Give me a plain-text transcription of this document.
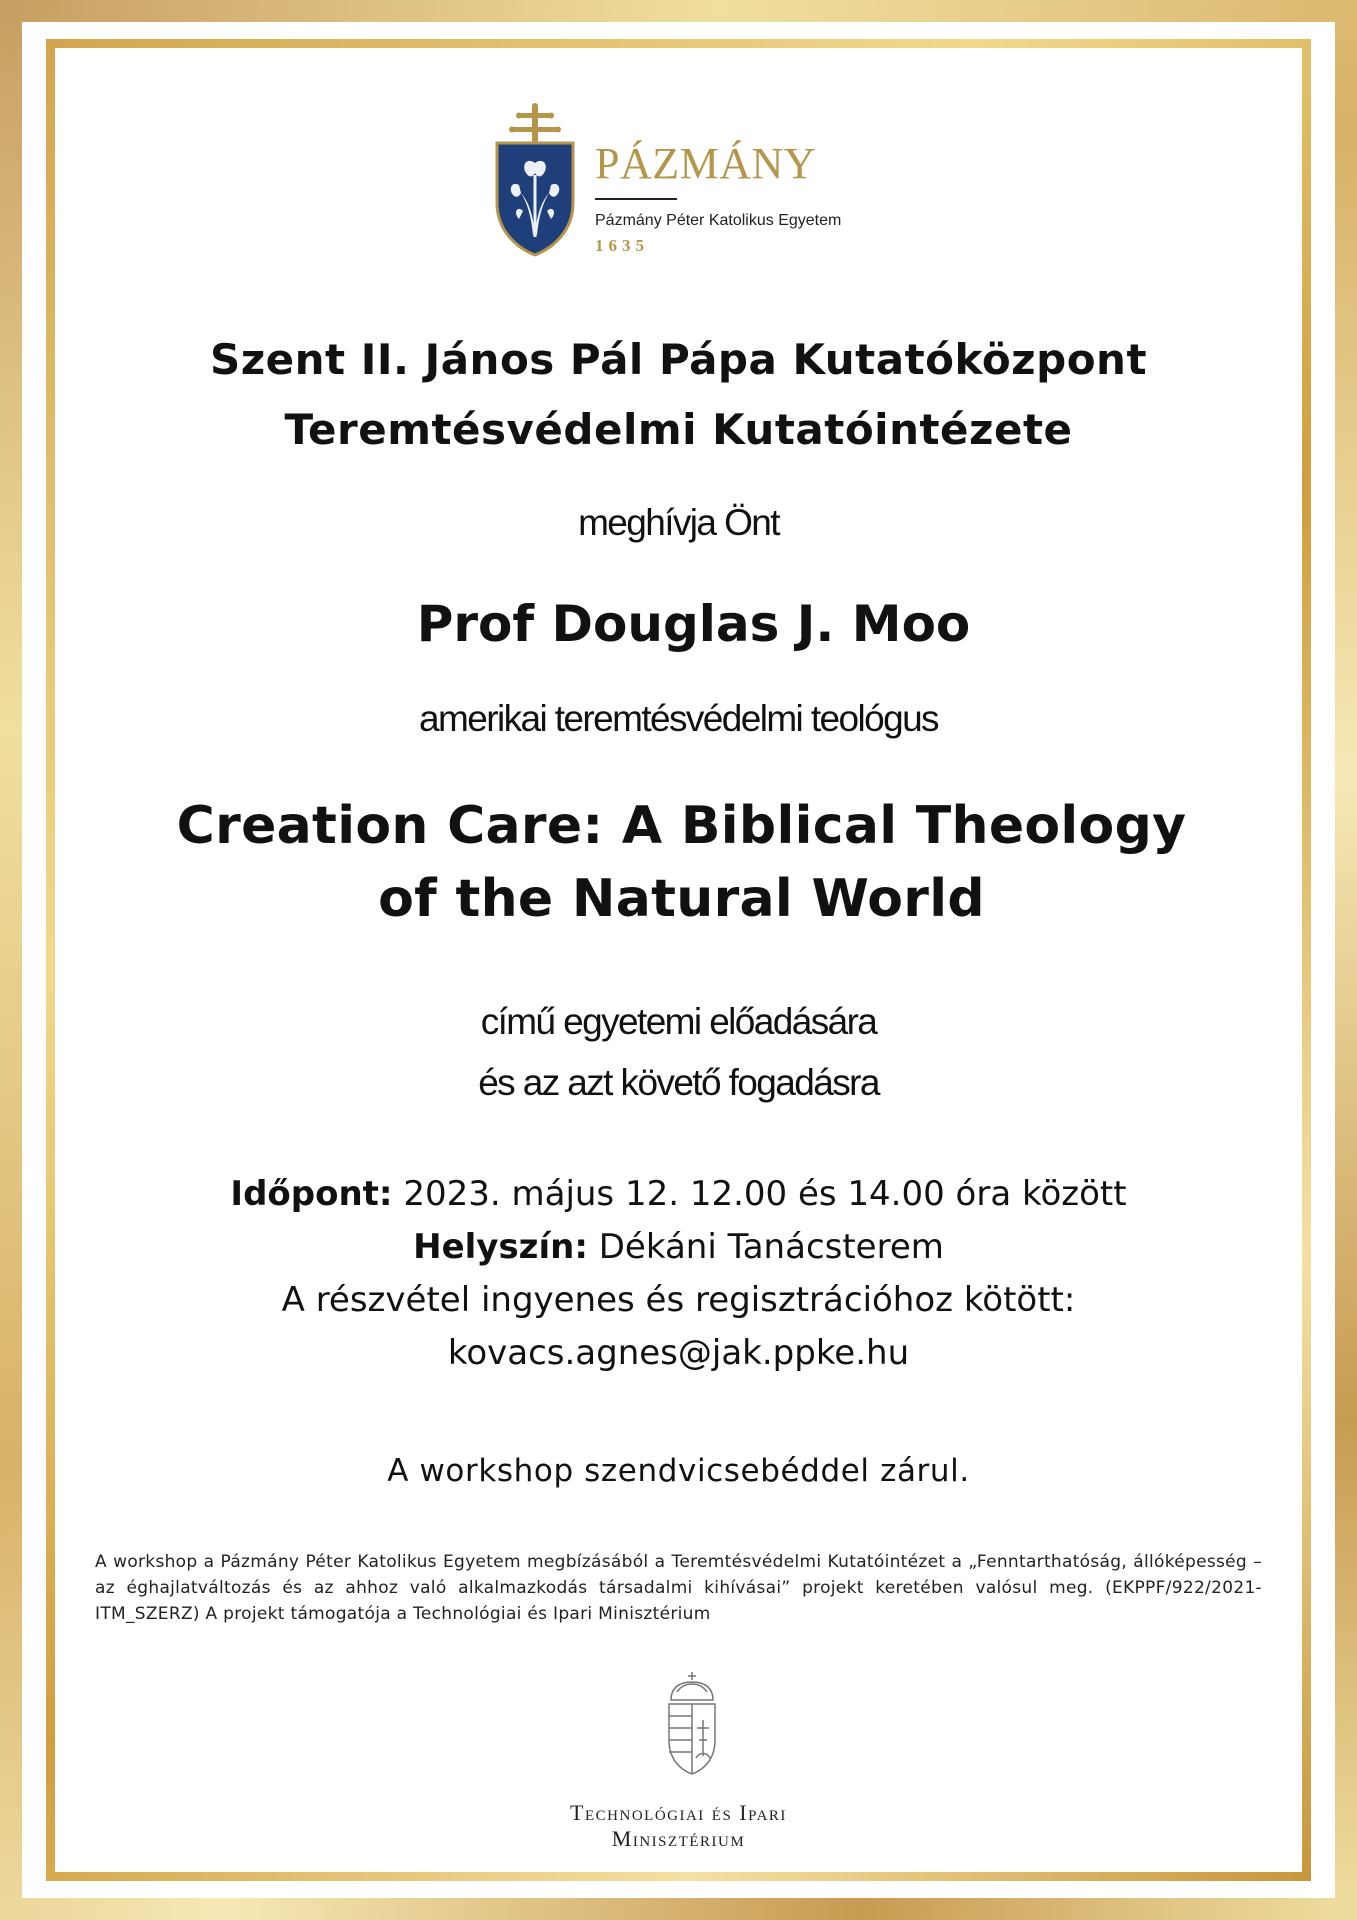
PÁZMÁNY
Pázmány Péter Katolikus Egyetem
1635
Szent II. János Pál Pápa Kutatóközpont
Teremtésvédelmi Kutatóintézete
meghívja Önt
Prof Douglas J. Moo
amerikai teremtésvédelmi teológus
Creation Care: A Biblical Theology
of the Natural World
című egyetemi előadására
és az azt követő fogadásra
Időpont: 2023. május 12. 12.00 és 14.00 óra között
Helyszín: Dékáni Tanácsterem
A részvétel ingyenes és regisztrációhoz kötött:
kovacs.agnes@jak.ppke.hu
A workshop szendvicsebéddel zárul.
A workshop a Pázmány Péter Katolikus Egyetem megbízásából a Teremtésvédelmi Kutatóintézet a „Fenntarthatóság, állóképesség – az éghajlatváltozás és az ahhoz való alkalmazkodás társadalmi kihívásai” projekt keretében valósul meg. (EKPPF/922/2021-ITM_SZERZ) A projekt támogatója a Technológiai és Ipari Minisztérium
Technológiai és Ipari
Minisztérium
